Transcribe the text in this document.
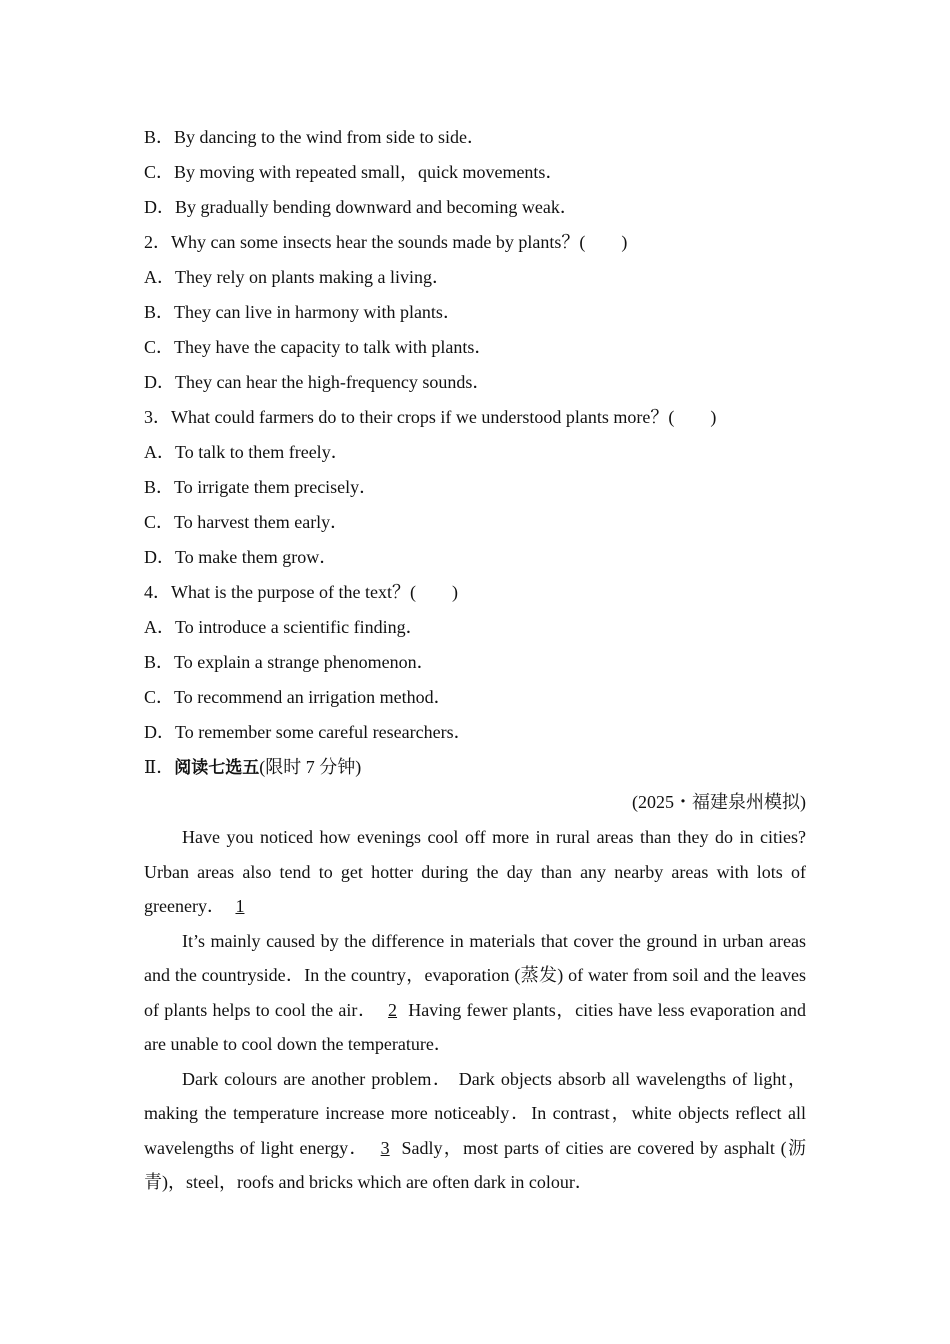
B．By dancing to the wind from side to side．
C．By moving with repeated small，quick movements．
D．By gradually bending downward and becoming weak．
2．Why can some insects hear the sounds made by plants？( )
A．They rely on plants making a living．
B．They can live in harmony with plants．
C．They have the capacity to talk with plants．
D．They can hear the high-frequency sounds．
3．What could farmers do to their crops if we understood plants more？( )
A．To talk to them freely．
B．To irrigate them precisely．
C．To harvest them early．
D．To make them grow．
4．What is the purpose of the text？( )
A．To introduce a scientific finding．
B．To explain a strange phenomenon．
C．To recommend an irrigation method．
D．To remember some careful researchers．
Ⅱ．阅读七选五(限时 7 分钟)
(2025・福建泉州模拟)

Have you noticed how evenings cool off more in rural areas than they do in cities? Urban areas also tend to get hotter during the day than any nearby areas with lots of greenery． 1

It’s mainly caused by the difference in materials that cover the ground in urban areas and the countryside．In the country，evaporation (蒸发) of water from soil and the leaves of plants helps to cool the air． 2 Having fewer plants，cities have less evaporation and are unable to cool down the temperature．

Dark colours are another problem． Dark objects absorb all wavelengths of light，making the temperature increase more noticeably．In contrast，white objects reflect all wavelengths of light energy． 3 Sadly，most parts of cities are covered by asphalt (沥青)，steel，roofs and bricks which are often dark in colour．
